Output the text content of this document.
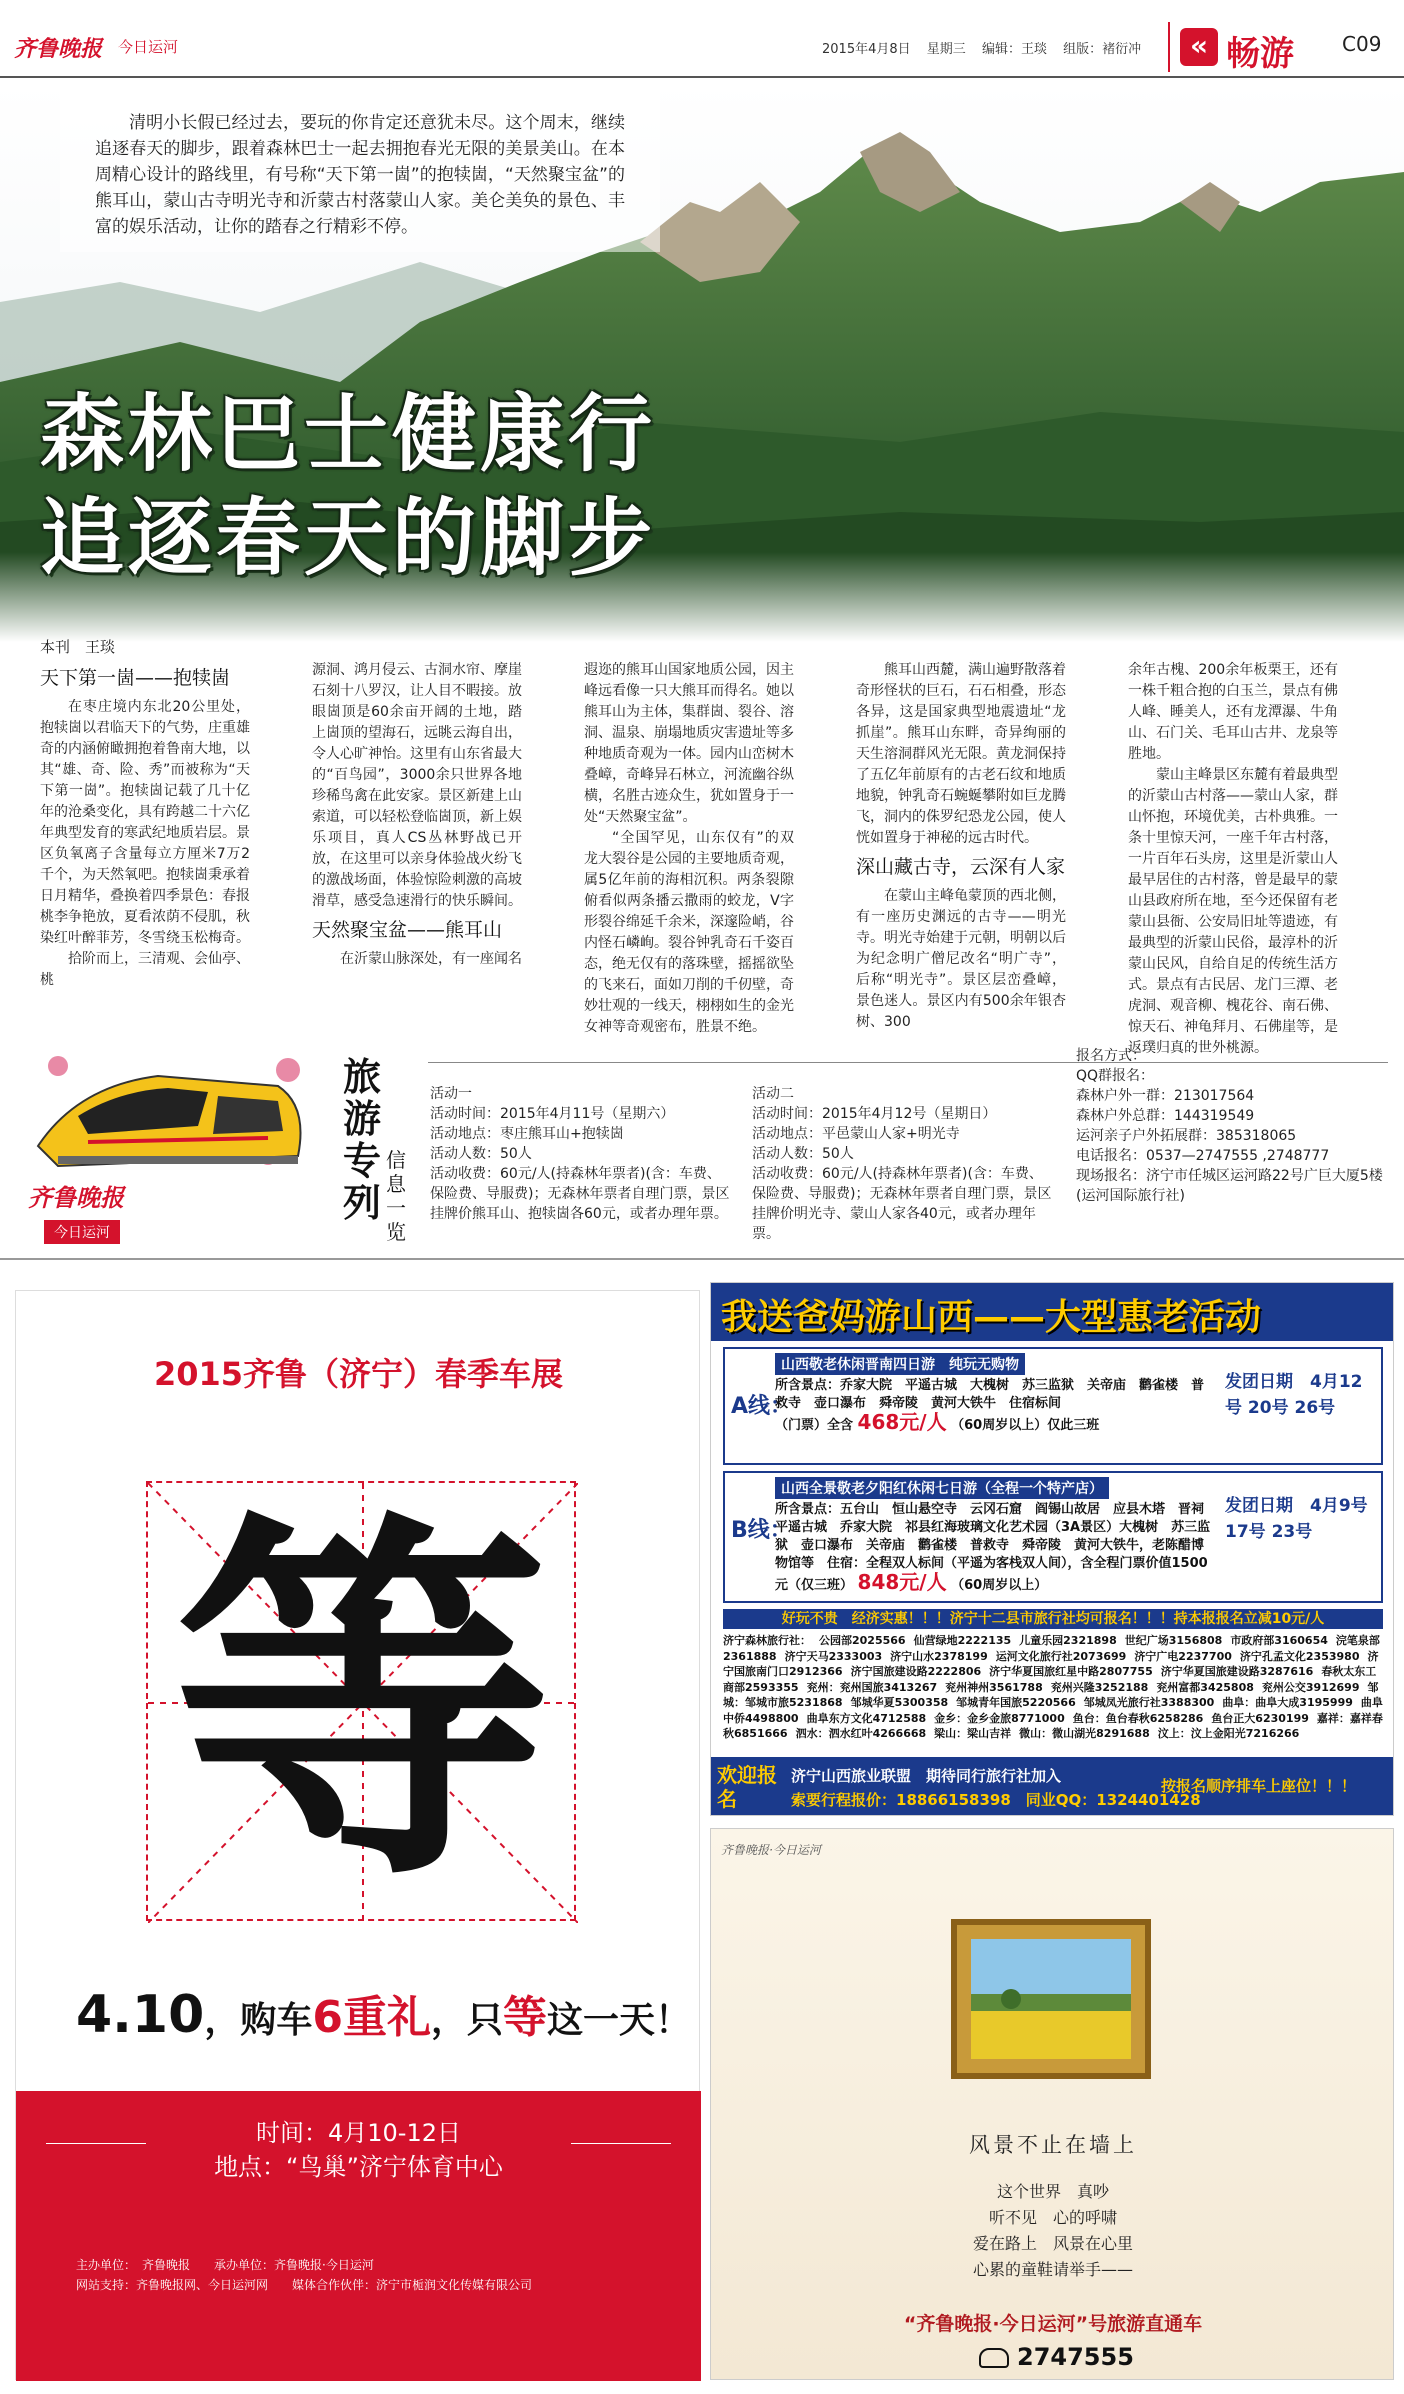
齐鲁晚报 今日运河	2015年4月8日 星期三 编辑：王琰 组版：褚衍冲	« 畅游 C09
清明小长假已经过去，要玩的你肯定还意犹未尽。这个周末，继续追逐春天的脚步，跟着森林巴士一起去拥抱春光无限的美景美山。在本周精心设计的路线里，有号称“天下第一崮”的抱犊崮，“天然聚宝盆”的熊耳山，蒙山古寺明光寺和沂蒙古村落蒙山人家。美仑美奂的景色、丰富的娱乐活动，让你的踏春之行精彩不停。
森林巴士健康行
追逐春天的脚步
本刊　王琰
天下第一崮——抱犊崮

在枣庄境内东北20公里处，抱犊崮以君临天下的气势，庄重雄奇的内涵俯瞰拥抱着鲁南大地，以其“雄、奇、险、秀”而被称为“天下第一崮”。抱犊崮记载了几十亿年的沧桑变化，具有跨越二十六亿年典型发育的寒武纪地质岩层。景区负氧离子含量每立方厘米7万2千个，为天然氧吧。抱犊崮秉承着日月精华，叠换着四季景色：春报桃李争艳放，夏看浓荫不侵肌，秋染红叶醉菲芳，冬雪绕玉松梅奇。

拾阶而上，三清观、会仙亭、桃

源洞、鸿月侵云、古洞水帘、摩崖石刻十八罗汉，让人目不暇接。放眼崮顶是60余亩开阔的土地，踏上崮顶的望海石，远眺云海自出，令人心旷神怡。这里有山东省最大的“百鸟园”，3000余只世界各地珍稀鸟禽在此安家。景区新建上山索道，可以轻松登临崮顶，新上娱乐项目，真人CS丛林野战已开放，在这里可以亲身体验战火纷飞的激战场面，体验惊险刺激的高坡滑草，感受急速滑行的快乐瞬间。

天然聚宝盆——熊耳山

在沂蒙山脉深处，有一座闻名

遐迩的熊耳山国家地质公园，因主峰远看像一只大熊耳而得名。她以熊耳山为主体，集群崮、裂谷、溶洞、温泉、崩塌地质灾害遗址等多种地质奇观为一体。园内山峦树木叠嶂，奇峰异石林立，河流幽谷纵横，名胜古迹众生，犹如置身于一处“天然聚宝盆”。

“全国罕见，山东仅有”的双龙大裂谷是公园的主要地质奇观，属5亿年前的海相沉积。两条裂隙俯看似两条播云撒雨的蛟龙，V字形裂谷绵延千余米，深邃险峭，谷内怪石嶙峋。裂谷钟乳奇石千姿百态，绝无仅有的落珠壁，摇摇欲坠的飞来石，面如刀削的千仞壁，奇妙壮观的一线天，栩栩如生的金光女神等奇观密布，胜景不绝。

熊耳山西麓，满山遍野散落着奇形怪状的巨石，石石相叠，形态各异，这是国家典型地震遗址“龙抓崖”。熊耳山东畔，奇异绚丽的天生溶洞群风光无限。黄龙洞保持了五亿年前原有的古老石纹和地质地貌，钟乳奇石蜿蜒攀附如巨龙腾飞，洞内的侏罗纪恐龙公园，使人恍如置身于神秘的远古时代。

深山藏古寺，云深有人家

在蒙山主峰龟蒙顶的西北侧，有一座历史渊远的古寺——明光寺。明光寺始建于元朝，明朝以后为纪念明广僧尼改名“明广寺”，后称“明光寺”。景区层峦叠嶂，景色迷人。景区内有500余年银杏树、300

余年古槐、200余年板栗王，还有一株千粗合抱的白玉兰，景点有佛人峰、睡美人，还有龙潭瀑、牛角山、石门关、毛耳山古井、龙泉等胜地。

蒙山主峰景区东麓有着最典型的沂蒙山古村落——蒙山人家，群山怀抱，环境优美，古朴典雅。一条十里惊天河，一座千年古村落，一片百年石头房，这里是沂蒙山人最早居住的古村落，曾是最早的蒙山县政府所在地，至今还保留有老蒙山县衙、公安局旧址等遗迹，有最典型的沂蒙山民俗，最淳朴的沂蒙山民风，自给自足的传统生活方式。景点有古民居、龙门三潭、老虎洞、观音柳、槐花谷、南石佛、惊天石、神龟拜月、石佛崖等，是返璞归真的世外桃源。

齐鲁晚报
今日运河
旅游专列
信息一览
活动一
活动时间：2015年4月11号（星期六）
活动地点：枣庄熊耳山+抱犊崮
活动人数：50人
活动收费：60元/人(持森林年票者)(含：车费、保险费、导服费)；无森林年票者自理门票，景区挂牌价熊耳山、抱犊崮各60元，或者办理年票。
活动二
活动时间：2015年4月12号（星期日）
活动地点：平邑蒙山人家+明光寺
活动人数：50人
活动收费：60元/人(持森林年票者)(含：车费、保险费、导服费)；无森林年票者自理门票，景区挂牌价明光寺、蒙山人家各40元，或者办理年票。
报名方式：
QQ群报名：
森林户外一群：213017564
森林户外总群：144319549
运河亲子户外拓展群：385318065
电话报名：0537—2747555 ,2748777
现场报名：济宁市任城区运河路22号广巨大厦5楼(运河国际旅行社)
2015齐鲁（济宁）春季车展
等
4.10，购车6重礼，只等这一天！
时间：4月10-12日
地点：“鸟巢”济宁体育中心
主办单位：　齐鲁晚报　　承办单位：齐鲁晚报·今日运河
网站支持：齐鲁晚报网、今日运河网　　媒体合作伙伴：济宁市栀润文化传媒有限公司
我送爸妈游山西——大型惠老活动
A线：
山西敬老休闲晋南四日游　纯玩无购物
所含景点：乔家大院　平遥古城　大槐树　苏三监狱　关帝庙　鹳雀楼　普救寺　壶口瀑布　舜帝陵　黄河大铁牛　住宿标间
（门票）全含 468元/人 （60周岁以上）仅此三班
发团日期　4月12号 20号 26号
B线：
山西全景敬老夕阳红休闲七日游（全程一个特产店）
所含景点：五台山　恒山悬空寺　云冈石窟　阎锡山故居　应县木塔　晋祠　平遥古城　乔家大院　祁县红海玻璃文化艺术园（3A景区）大槐树　苏三监狱　壶口瀑布　关帝庙　鹳雀楼　普救寺　舜帝陵　黄河大铁牛，老陈醋博物馆等　住宿：全程双人标间（平遥为客栈双人间），含全程门票价值1500元（仅三班） 848元/人 （60周岁以上）
发团日期　4月9号 17号 23号
好玩不贵　经济实惠！！！济宁十二县市旅行社均可报名！！！持本报报名立减10元/人
济宁森林旅行社： 公园部2025566 仙营绿地2222135 儿童乐园2321898 世纪广场3156808 市政府部3160654 浣笔泉部2361888 济宁天马2333003 济宁山水2378199 运河文化旅行社2073699 济宁广电2237700 济宁孔孟文化2353980 济宁国旅南门口2912366 济宁国旅建设路2222806 济宁华夏国旅红星中路2807755 济宁华夏国旅建设路3287616 春秋太东工商部2593355 兖州：兖州国旅3413267 兖州神州3561788 兖州兴隆3252188 兖州富都3425808 兖州公交3912699 邹城：邹城市旅5231868 邹城华夏5300358 邹城青年国旅5220566 邹城凤光旅行社3388300 曲阜：曲阜大成3195999 曲阜中侨4498800 曲阜东方文化4712588 金乡：金乡金旅8771000 鱼台：鱼台春秋6258286 鱼台正大6230199 嘉祥：嘉祥春秋6851666 泗水：泗水红叶4266668 梁山：梁山吉祥 微山：微山湖光8291688 汶上：汶上金阳光7216266
欢迎报名
济宁山西旅业联盟　期待同行旅行社加入
索要行程报价：18866158398　同业QQ：1324401428
按报名顺序排车上座位！！！
齐鲁晚报·今日运河
风景不止在墙上
这个世界　真吵
听不见　心的呼啸
爱在路上　风景在心里
心累的童鞋请举手——
“齐鲁晚报·今日运河”号旅游直通车
2747555
